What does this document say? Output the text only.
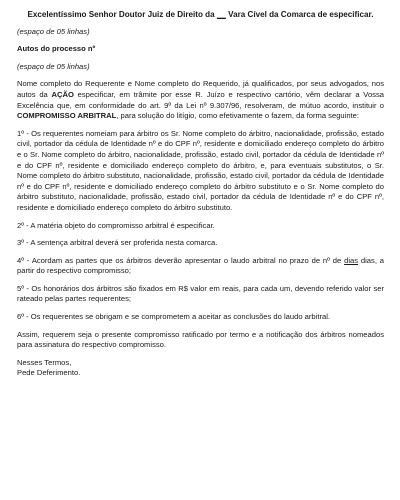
Excelentíssimo Senhor Doutor Juiz de Direito da __ Vara Cível da Comarca de especificar.

(espaço de 05 linhas)

Autos do processo nº

(espaço de 05 linhas)

Nome completo do Requerente e Nome completo do Requerido, já qualificados, por seus advogados, nos autos da AÇÃO especificar, em trâmite por esse R. Juízo e respectivo cartório, vêm declarar a Vossa Excelência que, em conformidade do art. 9º da Lei nº 9.307/96, resolveram, de mútuo acordo, instituir o COMPROMISSO ARBITRAL, para solução do litígio, como efetivamente o fazem, da forma seguinte:

1º - Os requerentes nomeiam para árbitro os Sr. Nome completo do árbitro, nacionalidade, profissão, estado civil, portador da cédula de Identidade nº e do CPF nº, residente e domiciliado endereço completo do árbitro e o Sr. Nome completo do árbitro, nacionalidade, profissão, estado civil, portador da cédula de Identidade nº e do CPF nº, residente e domiciliado endereço completo do árbitro, e, para eventuais substitutos, o Sr. Nome completo do árbitro substituto, nacionalidade, profissão, estado civil, portador da cédula de Identidade nº e do CPF nº, residente e domiciliado endereço completo do árbitro substituto e o Sr. Nome completo do árbitro substituto, nacionalidade, profissão, estado civil, portador da cédula de Identidade nº e do CPF nº, residente e domiciliado endereço completo do árbitro substituto.

2º - A matéria objeto do compromisso arbitral é especificar.

3º - A sentença arbitral deverá ser proferida nesta comarca.

4º - Acordam as partes que os árbitros deverão apresentar o laudo arbitral no prazo de nº de dias dias, a partir do respectivo compromisso;

5º - Os honorários dos árbitros são fixados em R$ valor em reais, para cada um, devendo referido valor ser rateado pelas partes requerentes;

6º - Os requerentes se obrigam e se comprometem a aceitar as conclusões do laudo arbitral.

Assim, requerem seja o presente compromisso ratificado por termo e a notificação dos árbitros nomeados para assinatura do respectivo compromisso.

Nesses Termos,

Pede Deferimento.
